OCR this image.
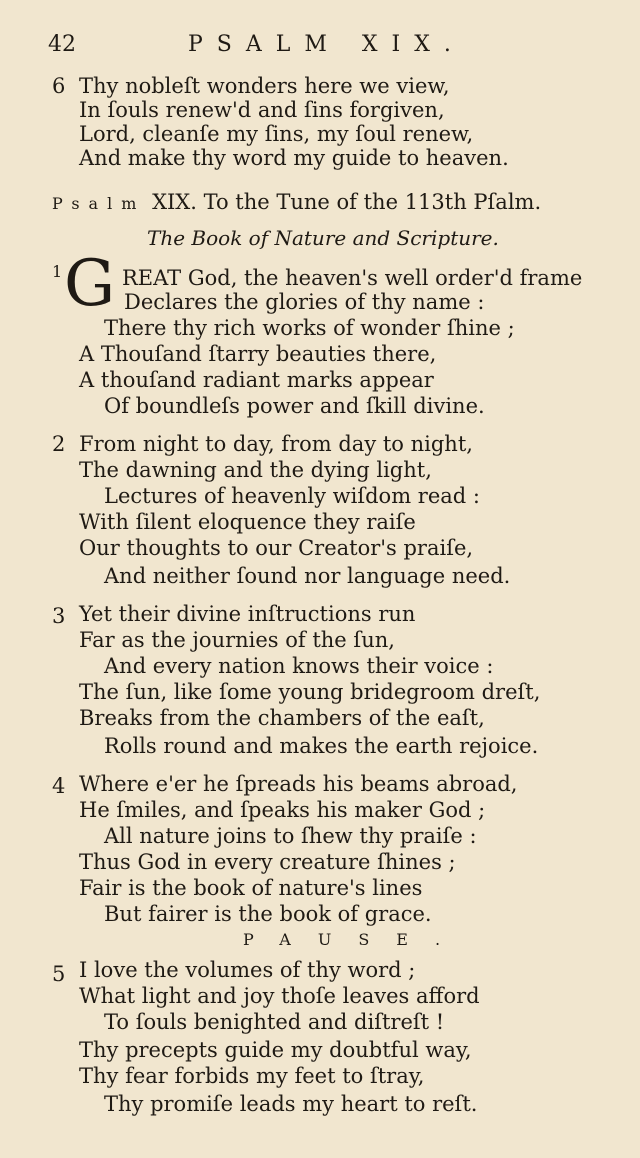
42	PSALM XIX.
6 Thy nobleſt wonders here we view,
In ſouls renew'd and ſins forgiven,
Lord, cleanſe my ſins, my ſoul renew,
And make thy word my guide to heaven.
Psalm XIX. To the Tune of the 113th Pſalm.
The Book of Nature and Scripture.
1 G REAT God, the heaven's well order'd frame
Declares the glories of thy name :
There thy rich works of wonder ſhine ;
A Thouſand ſtarry beauties there,
A thouſand radiant marks appear
Of boundleſs power and ſkill divine.
2 From night to day, from day to night,
The dawning and the dying light,
Lectures of heavenly wiſdom read :
With ſilent eloquence they raiſe
Our thoughts to our Creator's praiſe,
And neither ſound nor language need.
3 Yet their divine inſtructions run
Far as the journies of the ſun,
And every nation knows their voice :
The ſun, like ſome young bridegroom dreſt,
Breaks from the chambers of the eaſt,
Rolls round and makes the earth rejoice.
4 Where e'er he ſpreads his beams abroad,
He ſmiles, and ſpeaks his maker God ;
All nature joins to ſhew thy praiſe :
Thus God in every creature ſhines ;
Fair is the book of nature's lines
But fairer is the book of grace.
PAUSE.
5 I love the volumes of thy word ;
What light and joy thoſe leaves afford
To ſouls benighted and diſtreſt !
Thy precepts guide my doubtful way,
Thy fear forbids my feet to ſtray,
Thy promiſe leads my heart to reſt.
